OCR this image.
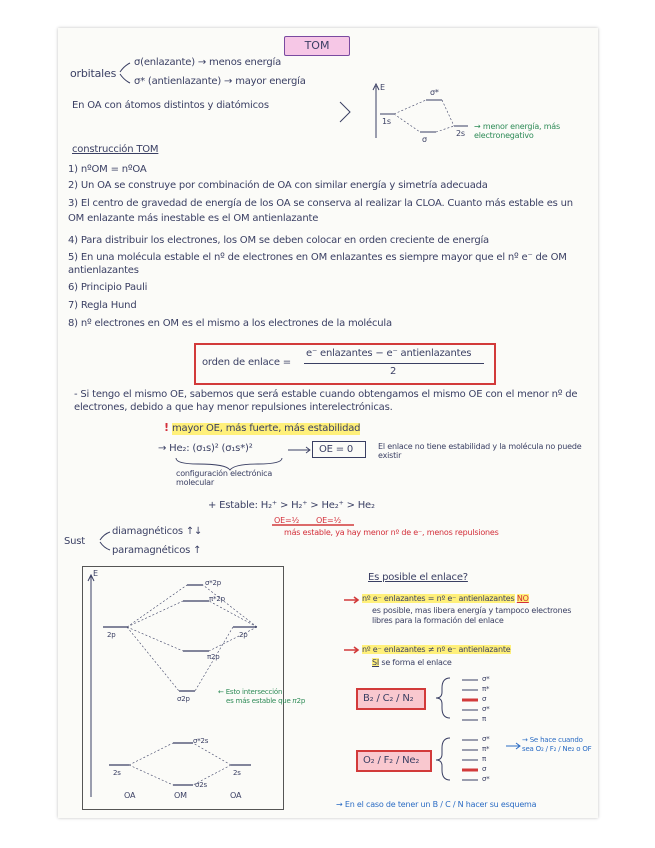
TOM
orbitales
σ(enlazante) → menos energía
σ* (antienlazante) → mayor energía
En OA con átomos distintos y diatómicos
E
σ*
1s
2s
σ
→ menor energía, más electronegativo
construcción TOM
1) nºOM = nºOA
2) Un OA se construye por combinación de OA con similar energía y simetría adecuada
3) El centro de gravedad de energía de los OA se conserva al realizar la CLOA. Cuanto más estable es un OM enlazante más inestable es el OM antienlazante
4) Para distribuir los electrones, los OM se deben colocar en orden creciente de energía
5) En una molécula estable el nº de electrones en OM enlazantes es siempre mayor que el nº e⁻ de OM antienlazantes
6) Principio Pauli
7) Regla Hund
8) nº electrones en OM es el mismo a los electrones de la molécula
orden de enlace =
e⁻ enlazantes − e⁻ antienlazantes
2
- Si tengo el mismo OE, sabemos que será estable cuando obtengamos el mismo OE con el menor nº de electrones, debido a que hay menor repulsiones interelectrónicas.
! mayor OE, más fuerte, más estabilidad
→ He₂: (σ₁s)² (σ₁s*)²	OE = 0
configuración electrónica molecular
El enlace no tiene estabilidad y la molécula no puede existir
+ Estable: H₂⁺ > H₂⁺ > He₂⁺ > He₂
OE=½ OE=½
más estable, ya hay menor nº de e⁻, menos repulsiones
Sust
diamagnéticos ↑↓
paramagnéticos ↑
E
σ*2p
π*2p
2p	2p
π2p
σ2p
σ*2s
2s	2s
σ2s
OA	OM	OA
← Esto intersección
es más estable que 𝜋2p
Es posible el enlace?
nº e⁻ enlazantes = nº e⁻ antienlazantes NO
es posible, mas libera energía y tampoco electrones libres para la formación del enlace
nº e⁻ enlazantes ≠ nº e⁻ antienlazante
SI se forma el enlace
B₂ / C₂ / N₂
σ*
π*
σ
σ*
π
O₂ / F₂ / Ne₂
σ*
π*
π
σ
σ*
→ Se hace cuando sea O₂ / F₂ / Ne₂ o OF
→ En el caso de tener un B / C / N hacer su esquema
